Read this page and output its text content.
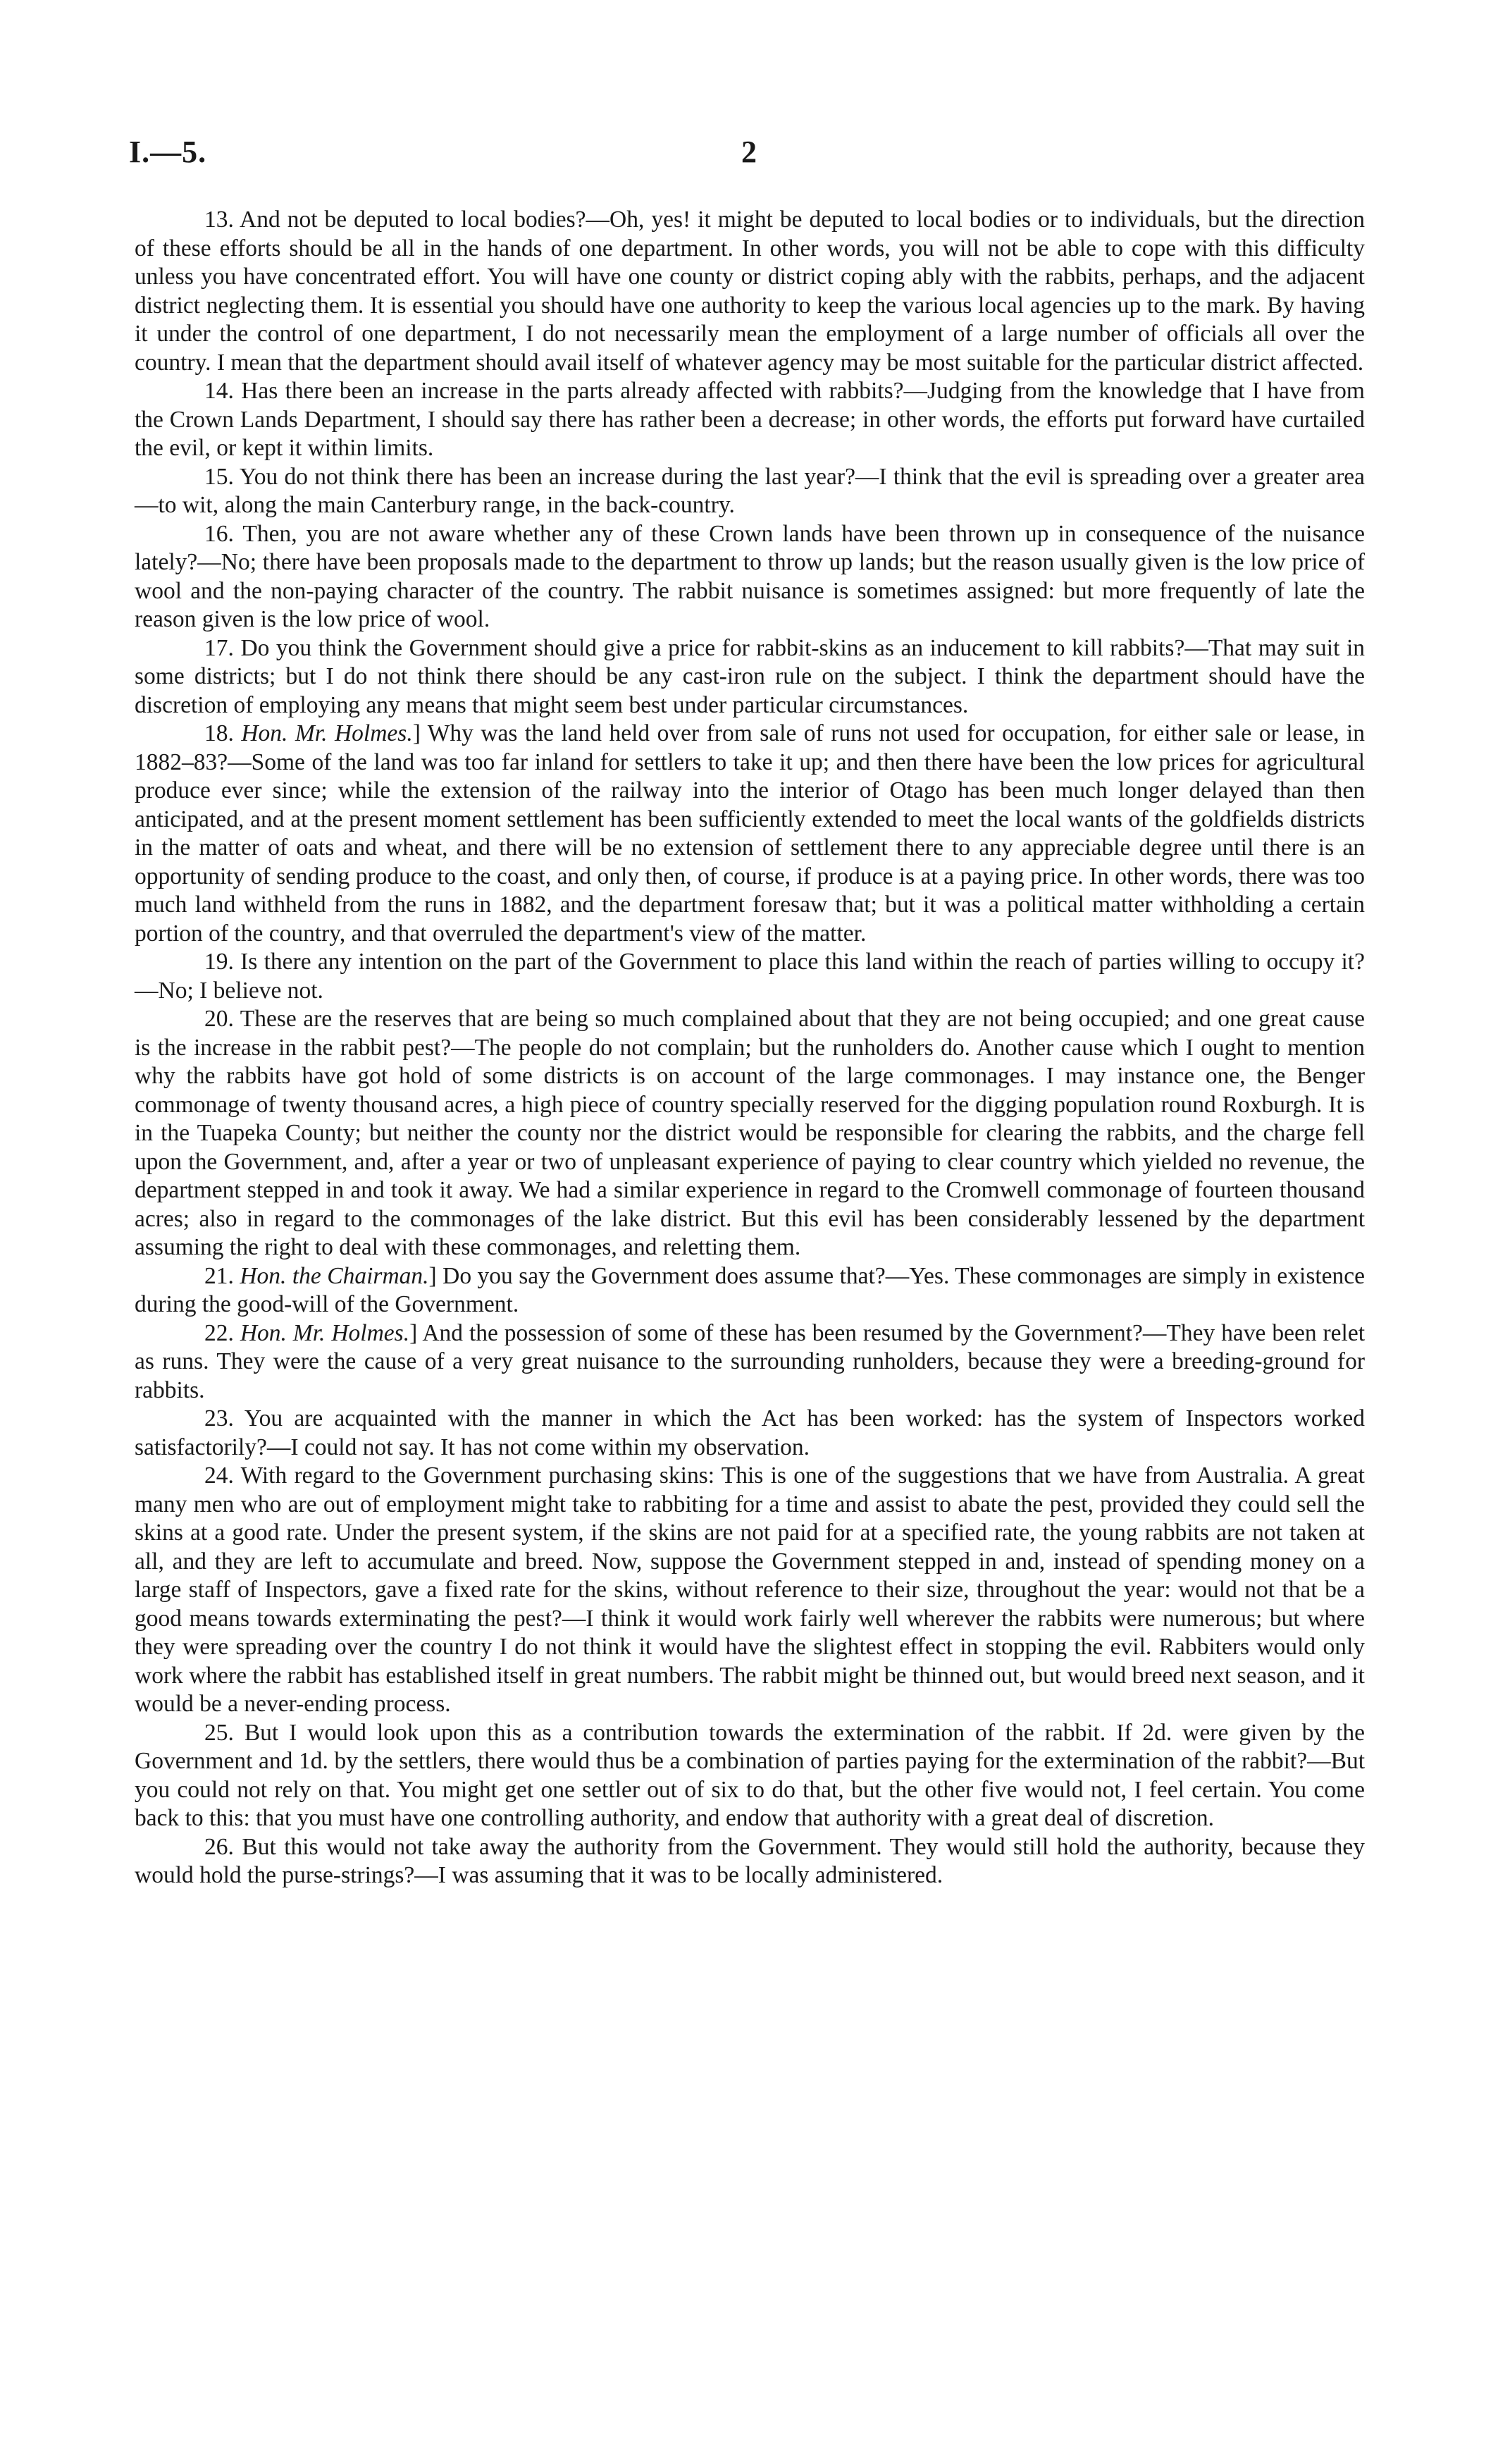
I.—5.	2

13. And not be deputed to local bodies?—Oh, yes! it might be deputed to local bodies or to individuals, but the direction of these efforts should be all in the hands of one department. In other words, you will not be able to cope with this difficulty unless you have concentrated effort. You will have one county or district coping ably with the rabbits, perhaps, and the adjacent district neglecting them. It is essential you should have one authority to keep the various local agencies up to the mark. By having it under the control of one department, I do not necessarily mean the employment of a large number of officials all over the country. I mean that the department should avail itself of whatever agency may be most suitable for the particular district affected.

14. Has there been an increase in the parts already affected with rabbits?—Judging from the knowledge that I have from the Crown Lands Department, I should say there has rather been a decrease; in other words, the efforts put forward have curtailed the evil, or kept it within limits.

15. You do not think there has been an increase during the last year?—I think that the evil is spreading over a greater area—to wit, along the main Canterbury range, in the back-country.

16. Then, you are not aware whether any of these Crown lands have been thrown up in consequence of the nuisance lately?—No; there have been proposals made to the department to throw up lands; but the reason usually given is the low price of wool and the non-paying character of the country. The rabbit nuisance is sometimes assigned: but more frequently of late the reason given is the low price of wool.

17. Do you think the Government should give a price for rabbit-skins as an inducement to kill rabbits?—That may suit in some districts; but I do not think there should be any cast-iron rule on the subject. I think the department should have the discretion of employing any means that might seem best under particular circumstances.

18. Hon. Mr. Holmes.] Why was the land held over from sale of runs not used for occupation, for either sale or lease, in 1882–83?—Some of the land was too far inland for settlers to take it up; and then there have been the low prices for agricultural produce ever since; while the extension of the railway into the interior of Otago has been much longer delayed than then anticipated, and at the present moment settlement has been sufficiently extended to meet the local wants of the goldfields districts in the matter of oats and wheat, and there will be no extension of settlement there to any appreciable degree until there is an opportunity of sending produce to the coast, and only then, of course, if produce is at a paying price. In other words, there was too much land withheld from the runs in 1882, and the department foresaw that; but it was a political matter withholding a certain portion of the country, and that overruled the department's view of the matter.

19. Is there any intention on the part of the Government to place this land within the reach of parties willing to occupy it?—No; I believe not.

20. These are the reserves that are being so much complained about that they are not being occupied; and one great cause is the increase in the rabbit pest?—The people do not complain; but the runholders do. Another cause which I ought to mention why the rabbits have got hold of some districts is on account of the large commonages. I may instance one, the Benger commonage of twenty thousand acres, a high piece of country specially reserved for the digging population round Roxburgh. It is in the Tuapeka County; but neither the county nor the district would be responsible for clearing the rabbits, and the charge fell upon the Government, and, after a year or two of unpleasant experience of paying to clear country which yielded no revenue, the department stepped in and took it away. We had a similar experience in regard to the Cromwell commonage of fourteen thousand acres; also in regard to the commonages of the lake district. But this evil has been considerably lessened by the department assuming the right to deal with these commonages, and reletting them.

21. Hon. the Chairman.] Do you say the Government does assume that?—Yes. These commonages are simply in existence during the good-will of the Government.

22. Hon. Mr. Holmes.] And the possession of some of these has been resumed by the Government?—They have been relet as runs. They were the cause of a very great nuisance to the surrounding runholders, because they were a breeding-ground for rabbits.

23. You are acquainted with the manner in which the Act has been worked: has the system of Inspectors worked satisfactorily?—I could not say. It has not come within my observation.

24. With regard to the Government purchasing skins: This is one of the suggestions that we have from Australia. A great many men who are out of employment might take to rabbiting for a time and assist to abate the pest, provided they could sell the skins at a good rate. Under the present system, if the skins are not paid for at a specified rate, the young rabbits are not taken at all, and they are left to accumulate and breed. Now, suppose the Government stepped in and, instead of spending money on a large staff of Inspectors, gave a fixed rate for the skins, without reference to their size, throughout the year: would not that be a good means towards exterminating the pest?—I think it would work fairly well wherever the rabbits were numerous; but where they were spreading over the country I do not think it would have the slightest effect in stopping the evil. Rabbiters would only work where the rabbit has established itself in great numbers. The rabbit might be thinned out, but would breed next season, and it would be a never-ending process.

25. But I would look upon this as a contribution towards the extermination of the rabbit. If 2d. were given by the Government and 1d. by the settlers, there would thus be a combination of parties paying for the extermination of the rabbit?—But you could not rely on that. You might get one settler out of six to do that, but the other five would not, I feel certain. You come back to this: that you must have one controlling authority, and endow that authority with a great deal of discretion.

26. But this would not take away the authority from the Government. They would still hold the authority, because they would hold the purse-strings?—I was assuming that it was to be locally administered.
